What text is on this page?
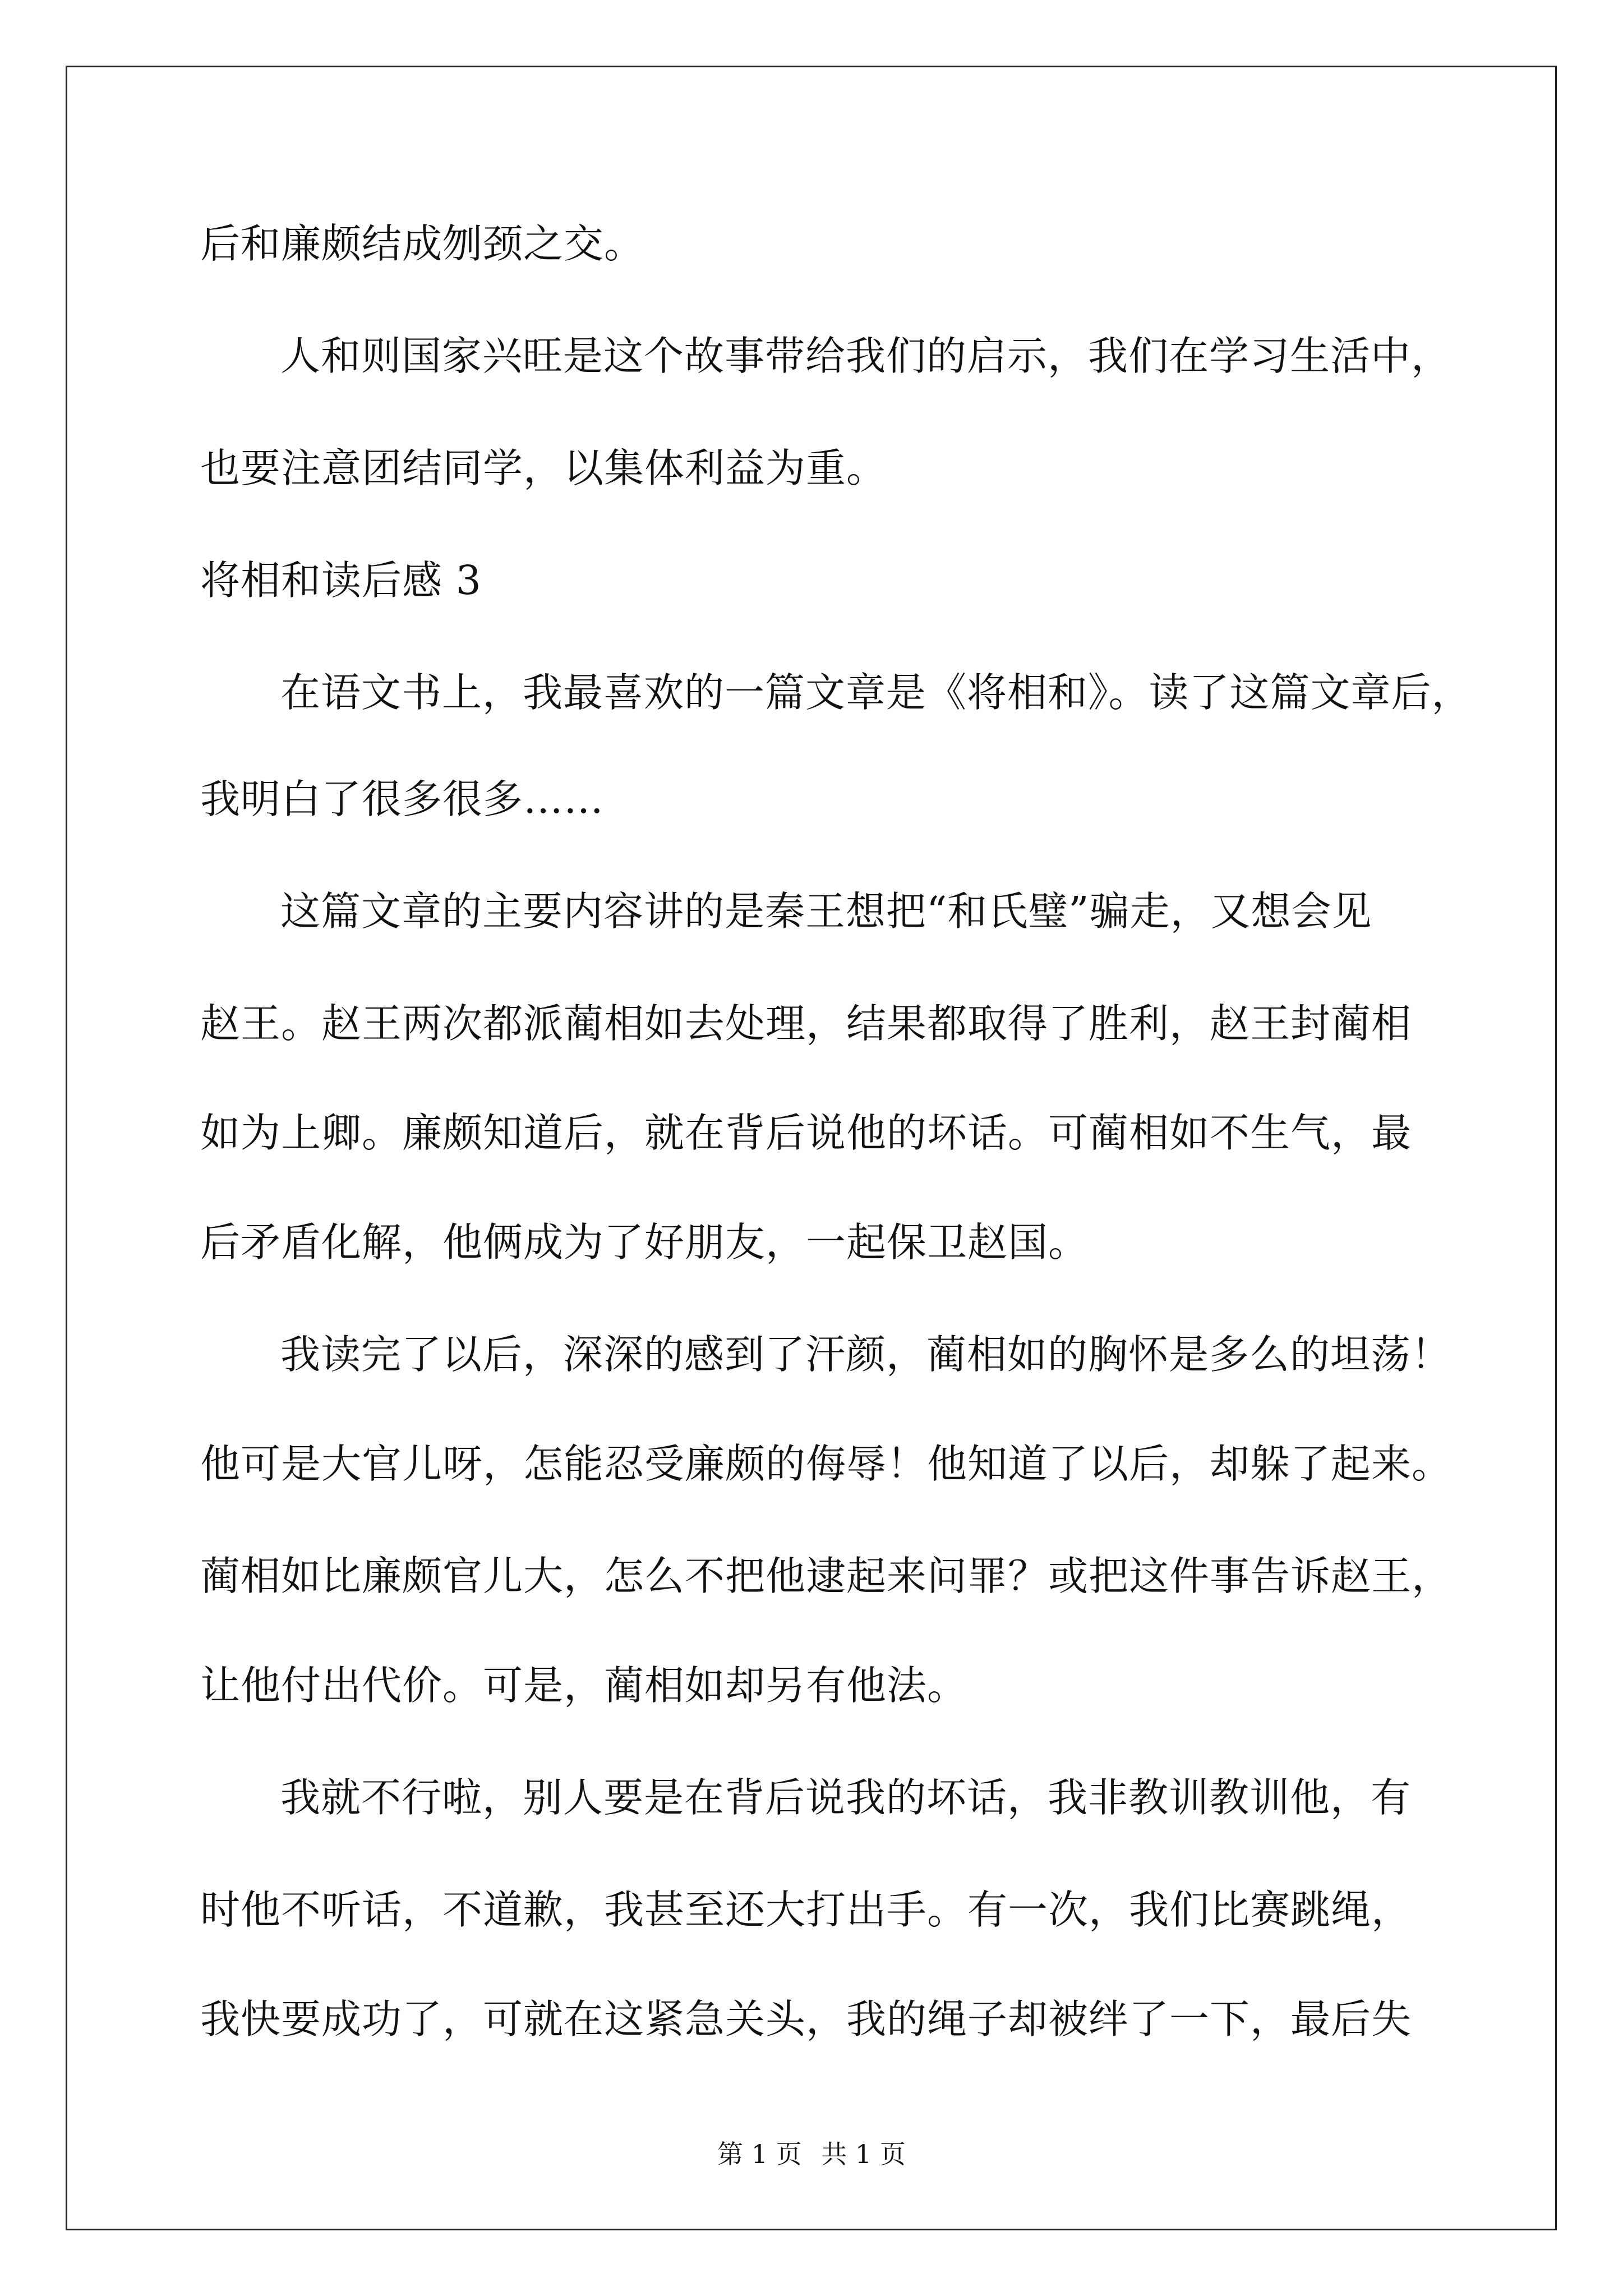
后和廉颇结成刎颈之交。
人和则国家兴旺是这个故事带给我们的启示，我们在学习生活中，
也要注意团结同学，以集体利益为重。
将相和读后感 3
在语文书上，我最喜欢的一篇文章是《将相和》。读了这篇文章后，
我明白了很多很多……
这篇文章的主要内容讲的是秦王想把“和氏璧”骗走，又想会见
赵王。赵王两次都派蔺相如去处理，结果都取得了胜利，赵王封蔺相
如为上卿。廉颇知道后，就在背后说他的坏话。可蔺相如不生气，最
后矛盾化解，他俩成为了好朋友，一起保卫赵国。
我读完了以后，深深的感到了汗颜，蔺相如的胸怀是多么的坦荡！
他可是大官儿呀，怎能忍受廉颇的侮辱！他知道了以后，却躲了起来。
蔺相如比廉颇官儿大，怎么不把他逮起来问罪？或把这件事告诉赵王，
让他付出代价。可是，蔺相如却另有他法。
我就不行啦，别人要是在背后说我的坏话，我非教训教训他，有
时他不听话，不道歉，我甚至还大打出手。有一次，我们比赛跳绳，
我快要成功了，可就在这紧急关头，我的绳子却被绊了一下，最后失
第 1 页 共 1 页
